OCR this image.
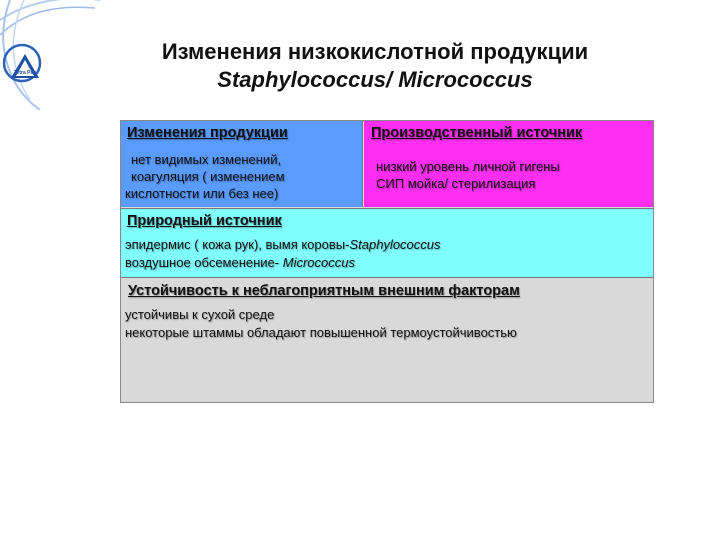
Tetra Pak
Изменения низкокислотной продукции
Staphylococcus/ Micrococcus
Изменения продукции
нет видимых изменений,
коагуляция ( изменением
кислотности или без нее)
Производственный источник
низкий уровень личной гигены
СИП мойка/ стерилизация
Природный источник
эпидермис ( кожа рук), вымя коровы-Staphylococcus
воздушное обсеменение- Micrococcus
Устойчивость к неблагоприятным внешним факторам
устойчивы к сухой среде
некоторые штаммы обладают повышенной термоустойчивостью
